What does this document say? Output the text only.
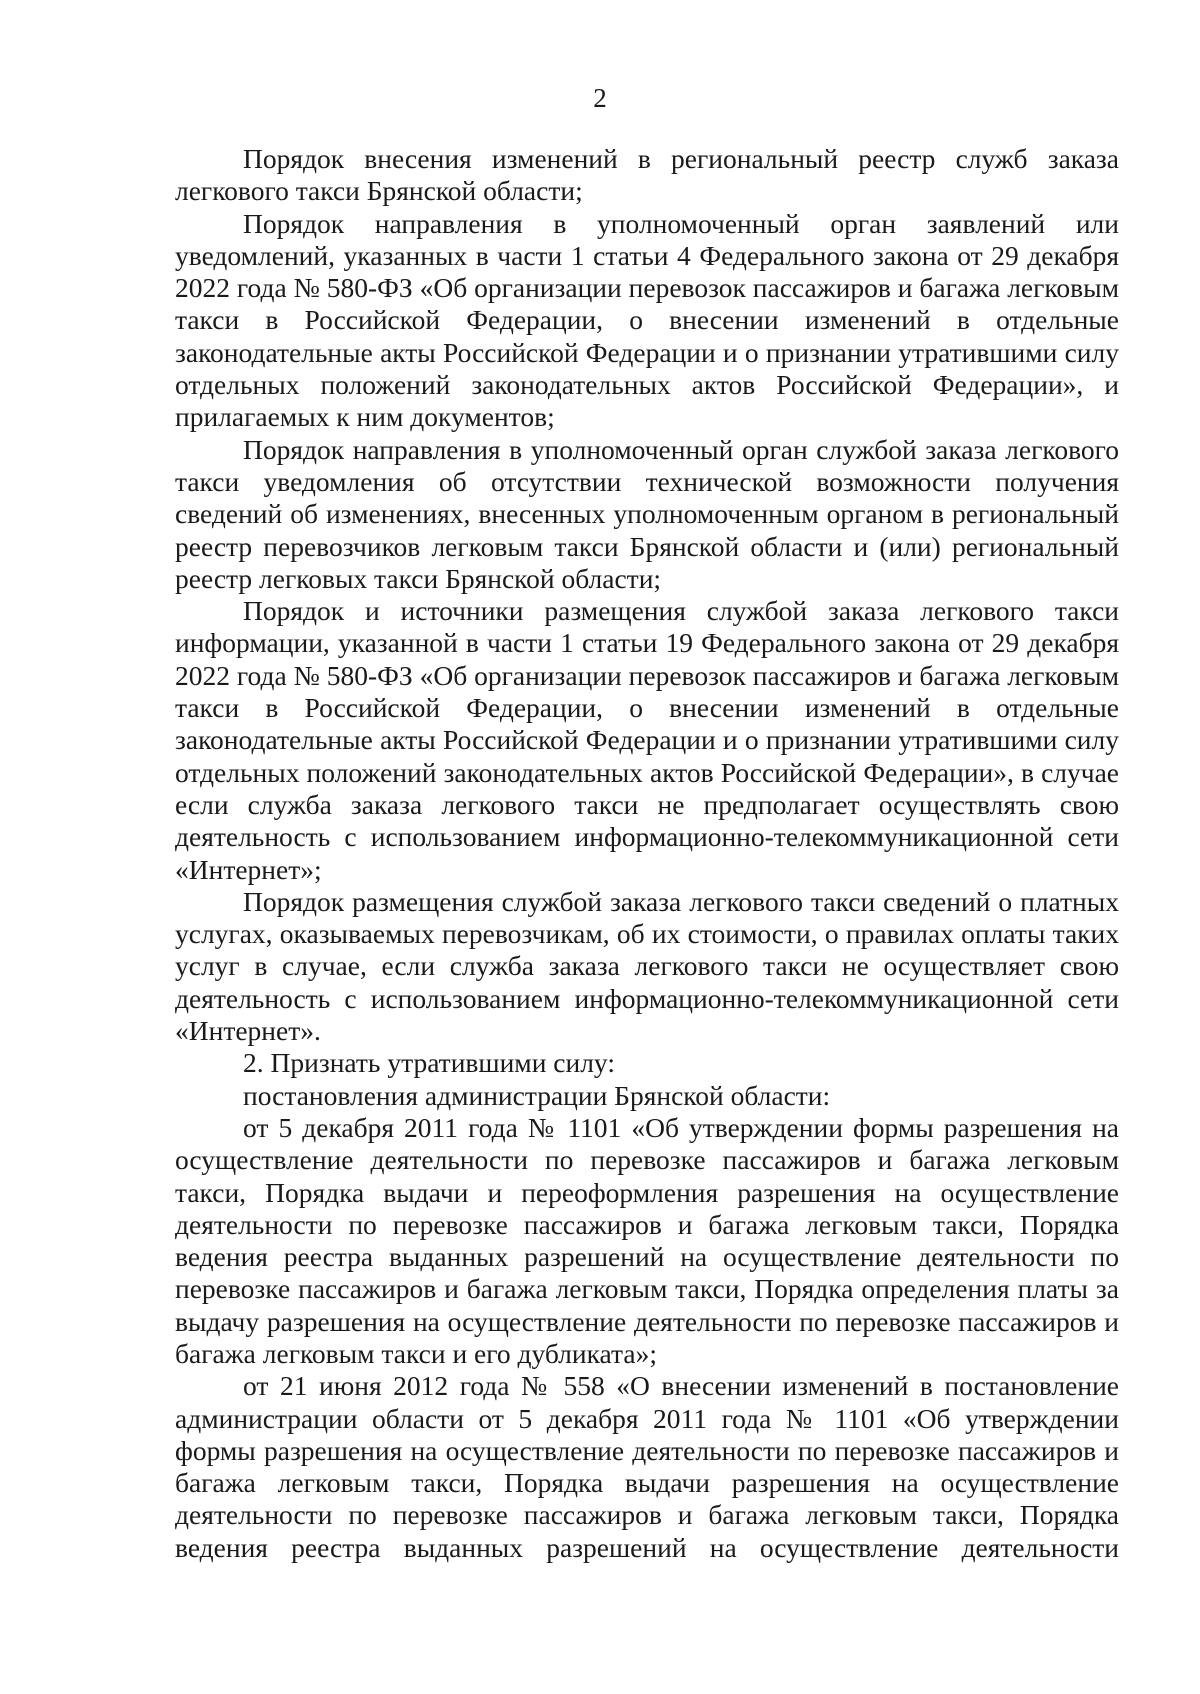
2

Порядок внесения изменений в региональный реестр служб заказа легкового такси Брянской области;

Порядок направления в уполномоченный орган заявлений или уведомлений, указанных в части 1 статьи 4 Федерального закона от 29 декабря 2022 года № 580-ФЗ «Об организации перевозок пассажиров и багажа легковым такси в Российской Федерации, о внесении изменений в отдельные законодательные акты Российской Федерации и о признании утратившими силу отдельных положений законодательных актов Российской Федерации», и прилагаемых к ним документов;

Порядок направления в уполномоченный орган службой заказа легкового такси уведомления об отсутствии технической возможности получения сведений об изменениях, внесенных уполномоченным органом в региональный реестр перевозчиков легковым такси Брянской области и (или) региональный реестр легковых такси Брянской области;

Порядок и источники размещения службой заказа легкового такси информации, указанной в части 1 статьи 19 Федерального закона от 29 декабря 2022 года № 580-ФЗ «Об организации перевозок пассажиров и багажа легковым такси в Российской Федерации, о внесении изменений в отдельные законодательные акты Российской Федерации и о признании утратившими силу отдельных положений законодательных актов Российской Федерации», в случае если служба заказа легкового такси не предполагает осуществлять свою деятельность с использованием информационно-телекоммуникационной сети «Интернет»;

Порядок размещения службой заказа легкового такси сведений о платных услугах, оказываемых перевозчикам, об их стоимости, о правилах оплаты таких услуг в случае, если служба заказа легкового такси не осуществляет свою деятельность с использованием информационно-телекоммуникационной сети «Интернет».

2. Признать утратившими силу:

постановления администрации Брянской области:

от 5 декабря 2011 года № 1101 «Об утверждении формы разрешения на осуществление деятельности по перевозке пассажиров и багажа легковым такси, Порядка выдачи и переоформления разрешения на осуществление деятельности по перевозке пассажиров и багажа легковым такси, Порядка ведения реестра выданных разрешений на осуществление деятельности по перевозке пассажиров и багажа легковым такси, Порядка определения платы за выдачу разрешения на осуществление деятельности по перевозке пассажиров и багажа легковым такси и его дубликата»;

от 21 июня 2012 года № 558 «О внесении изменений в постановление администрации области от 5 декабря 2011 года № 1101 «Об утверждении формы разрешения на осуществление деятельности по перевозке пассажиров и багажа легковым такси, Порядка выдачи разрешения на осуществление деятельности по перевозке пассажиров и багажа легковым такси, Порядка ведения реестра выданных разрешений на осуществление деятельности
